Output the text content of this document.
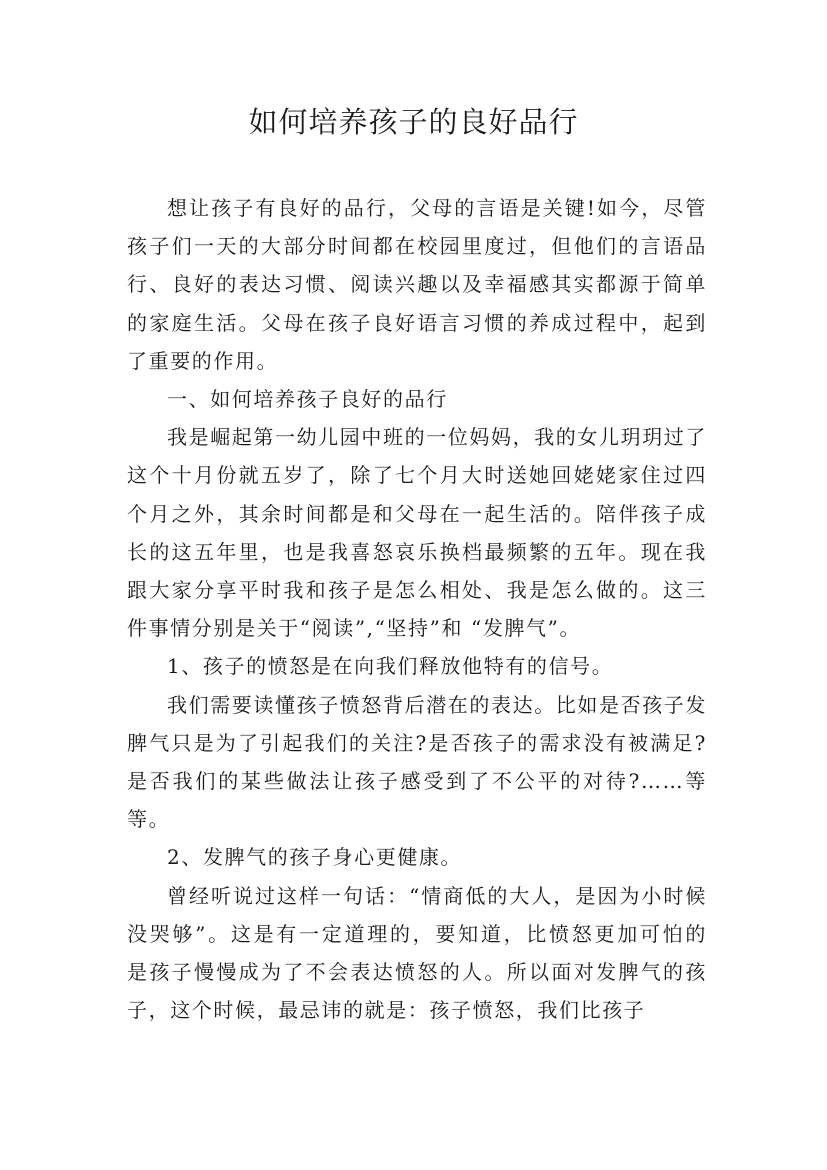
如何培养孩子的良好品行

想让孩子有良好的品行，父母的言语是关键!如今，尽管孩子们一天的大部分时间都在校园里度过，但他们的言语品行、良好的表达习惯、阅读兴趣以及幸福感其实都源于简单的家庭生活。父母在孩子良好语言习惯的养成过程中，起到了重要的作用。

一、如何培养孩子良好的品行

我是崛起第一幼儿园中班的一位妈妈，我的女儿玥玥过了这个十月份就五岁了，除了七个月大时送她回姥姥家住过四个月之外，其余时间都是和父母在一起生活的。陪伴孩子成长的这五年里，也是我喜怒哀乐换档最频繁的五年。现在我跟大家分享平时我和孩子是怎么相处、我是怎么做的。这三件事情分别是关于“阅读”,“坚持”和 “发脾气”。

1、孩子的愤怒是在向我们释放他特有的信号。

我们需要读懂孩子愤怒背后潜在的表达。比如是否孩子发脾气只是为了引起我们的关注?是否孩子的需求没有被满足?是否我们的某些做法让孩子感受到了不公平的对待?……等等。

2、发脾气的孩子身心更健康。

曾经听说过这样一句话：“情商低的大人，是因为小时候没哭够”。这是有一定道理的，要知道，比愤怒更加可怕的 是孩子慢慢成为了不会表达愤怒的人。所以面对发脾气的孩子，这个时候，最忌讳的就是：孩子愤怒，我们比孩子
